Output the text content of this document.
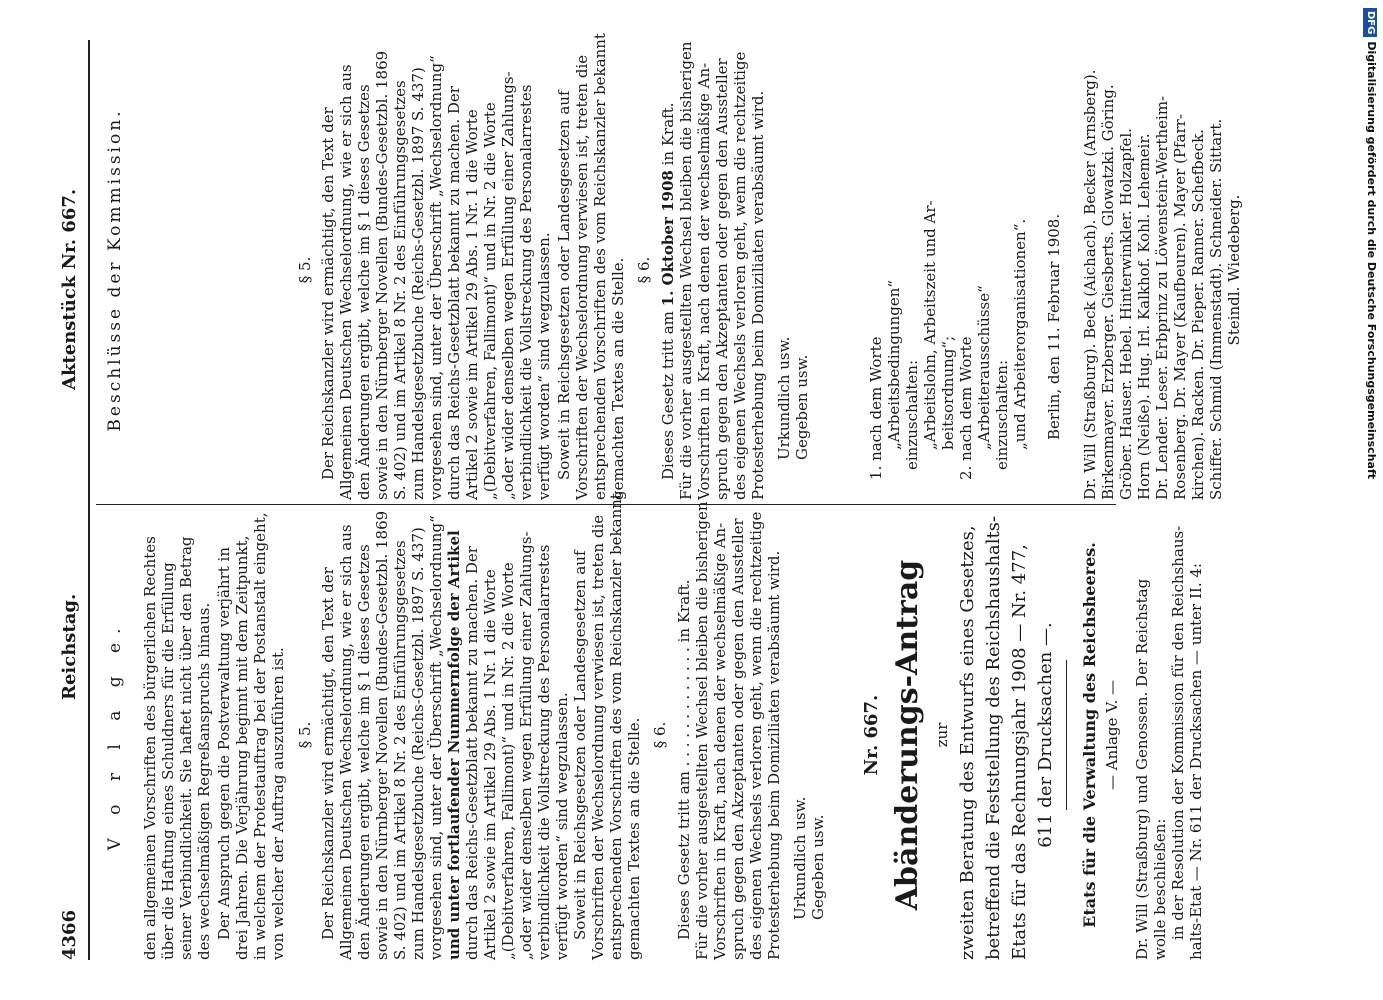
4366
Reichstag.
Aktenstück Nr. 667.
V o r l a g e. den allgemeinen Vorschriften des bürgerlichen Rechtes über die Haftung eines Schuldners für die Erfüllung seiner Verbindlichkeit. Sie haftet nicht über den Betrag des wechselmäßigen Regreßanspruchs hinaus. Der Anspruch gegen die Postverwaltung verjährt in drei Jahren. Die Verjährung beginnt mit dem Zeitpunkt, in welchem der Protestauftrag bei der Postanstalt eingeht, von welcher der Auftrag auszuführen ist. § 5. Der Reichskanzler wird ermächtigt, den Text der Allgemeinen Deutschen Wechselordnung, wie er sich aus den Änderungen ergibt, welche im § 1 dieses Gesetzes sowie in den Nürnberger Novellen (Bundes-Gesetzbl. 1869 S. 402) und im Artikel 8 Nr. 2 des Einführungsgesetzes zum Handelsgesetzbuche (Reichs-Gesetzbl. 1897 S. 437) vorgesehen sind, unter der Überschrift „Wechselordnung“ und unter fortlaufender Nummernfolge der Artikel durch das Reichs-Gesetzblatt bekannt zu machen. Der Artikel 2 sowie im Artikel 29 Abs. 1 Nr. 1 die Worte „(Debitverfahren, Fallimont)“ und in Nr. 2 die Worte „oder wider denselben wegen Erfüllung einer Zahlungs- verbindlichkeit die Vollstreckung des Personalarrestes verfügt worden“ sind wegzulassen. Soweit in Reichsgesetzen oder Landesgesetzen auf Vorschriften der Wechselordnung verwiesen ist, treten die entsprechenden Vorschriften des vom Reichskanzler bekannt gemachten Textes an die Stelle. § 6. Dieses Gesetz tritt am . . . . . . . . . . . . . in Kraft. Für die vorher ausgestellten Wechsel bleiben die bisherigen Vorschriften in Kraft, nach denen der wechselmäßige An- spruch gegen den Akzeptanten oder gegen den Aussteller des eigenen Wechsels verloren geht, wenn die rechtzeitige Protesterhebung beim Domiziliaten verabsäumt wird. Urkundlich usw. Gegeben usw.
Beschlüsse der Kommission.	§ 5. Der Reichskanzler wird ermächtigt, den Text der Allgemeinen Deutschen Wechselordnung, wie er sich aus den Änderungen ergibt, welche im § 1 dieses Gesetzes sowie in den Nürnberger Novellen (Bundes-Gesetzbl. 1869 S. 402) und im Artikel 8 Nr. 2 des Einführungsgesetzes zum Handelsgesetzbuche (Reichs-Gesetzbl. 1897 S. 437) vorgesehen sind, unter der Überschrift „Wechselordnung“ durch das Reichs-Gesetzblatt bekannt zu machen. Der Artikel 2 sowie im Artikel 29 Abs. 1 Nr. 1 die Worte „(Debitverfahren, Fallimont)“ und in Nr. 2 die Worte „oder wider denselben wegen Erfüllung einer Zahlungs- verbindlichkeit die Vollstreckung des Personalarrestes verfügt worden“ sind wegzulassen. Soweit in Reichsgesetzen oder Landesgesetzen auf Vorschriften der Wechselordnung verwiesen ist, treten die entsprechenden Vorschriften des vom Reichskanzler bekannt gemachten Textes an die Stelle. § 6.
Dieses Gesetz tritt am 1. Oktober 1908 in Kraft. Für die vorher ausgestellten Wechsel bleiben die bisherigen Vorschriften in Kraft, nach denen der wechselmäßige An- spruch gegen den Akzeptanten oder gegen den Aussteller des eigenen Wechsels verloren geht, wenn die rechtzeitige Protesterhebung beim Domiziliaten verabsäumt wird. Urkundlich usw. Gegeben usw.
Nr. 667. Abänderungs-Antrag zur zweiten Beratung des Entwurfs eines Gesetzes, betreffend die Feststellung des Reichshaushalts- Etats für das Rechnungsjahr 1908 — Nr. 477, 611 der Drucksachen —. Etats für die Verwaltung des Reichsheeres. — Anlage V. — Dr. Will (Straßburg) und Genossen. Der Reichstag wolle beschließen: in der Resolution der Kommission für den Reichshaus- halts-Etat — Nr. 611 der Drucksachen — unter II. 4:
1. nach dem Worte „Arbeitsbedingungen“ einzuschalten: „Arbeitslohn, Arbeitszeit und Ar- beitsordnung“; 2. nach dem Worte „Arbeiterausschüsse“ einzuschalten: „und Arbeiterorganisationen“. Berlin, den 11. Februar 1908. Dr. Will (Straßburg). Beck (Aichach). Becker (Arnsberg). Birkenmayer. Erzberger. Giesberts. Glowatzki. Göring. Gröber. Hauser. Hebel. Hinterwinkler. Holzapfel. Horn (Neiße). Hug. Irl. Kalkhof. Kohl. Lehemeir. Dr. Lender. Leser. Erbprinz zu Löwenstein-Wertheim- Rosenberg. Dr. Mayer (Kaufbeuren). Mayer (Pfarr- kirchen). Racken. Dr. Pieper. Ranner. Schefbeck. Schiffer. Schmid (Immenstadt). Schneider. Sittart. Steindl. Wiedeberg.
DFGDigitalisierung gefördert durch die Deutsche Forschungsgemeinschaft
